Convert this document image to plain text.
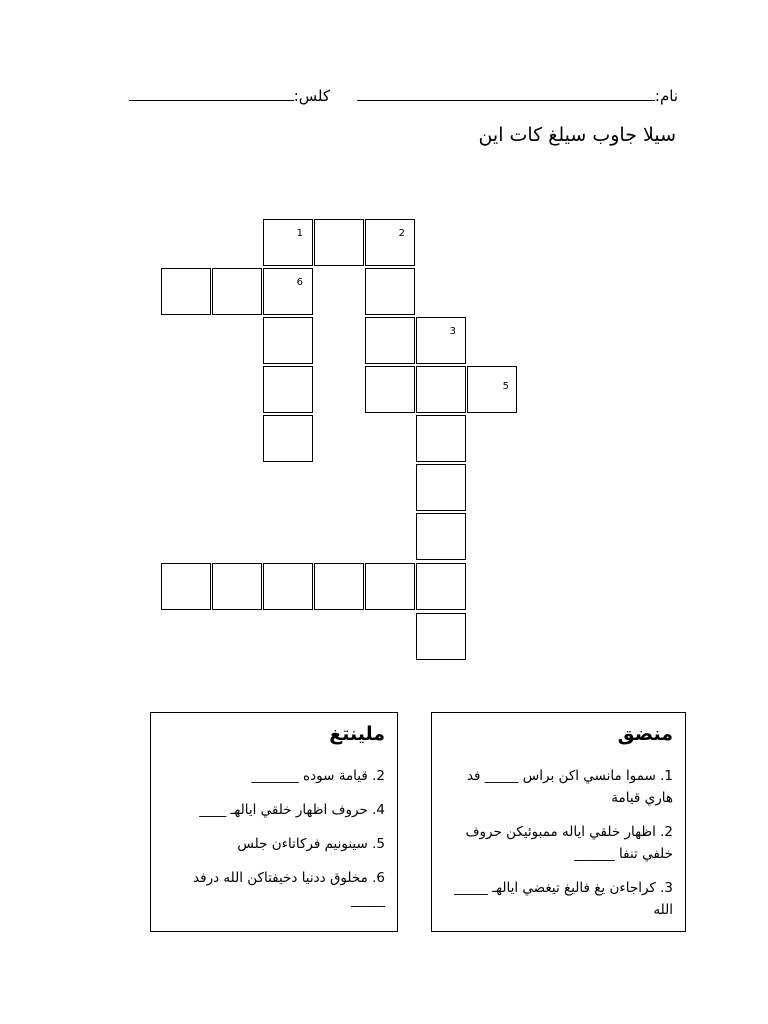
نام:
كلس:
سيلا جاوب سيلغ كات اين
1	2
6
3
5
منضق
1. سموا مانسي اكن براس _____ فد هاري قيامة
2. اظهار خلقي اياله ممبوئيكن حروف خلفي تنفا ______
3. كراجاءن يغ فاليغ تيغضي ايالهـ _____ الله
ملينتغ
2. قيامة سوده _______
4. حروف اظهار خلقي ايالهـ ____
5. سينونيم فركاتاءن جلس
6. مخلوق ددنيا دخيفتاكن الله درفد _____
